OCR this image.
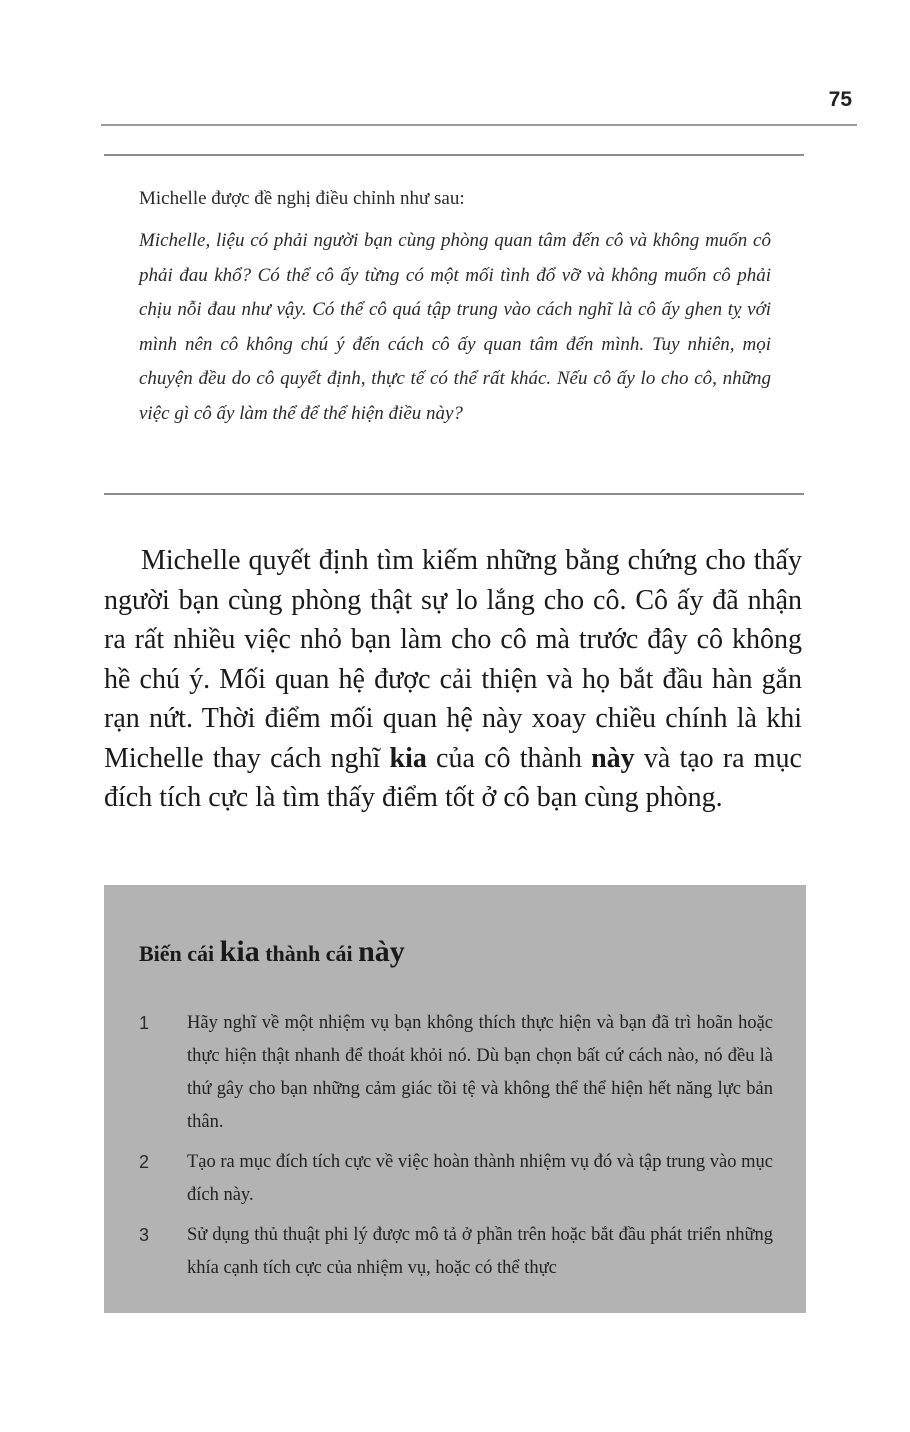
75

Michelle được đề nghị điều chỉnh như sau:

Michelle, liệu có phải người bạn cùng phòng quan tâm đến cô và không muốn cô phải đau khổ? Có thể cô ấy từng có một mối tình đổ vỡ và không muốn cô phải chịu nỗi đau như vậy. Có thể cô quá tập trung vào cách nghĩ là cô ấy ghen tỵ với mình nên cô không chú ý đến cách cô ấy quan tâm đến mình. Tuy nhiên, mọi chuyện đều do cô quyết định, thực tế có thể rất khác. Nếu cô ấy lo cho cô, những việc gì cô ấy làm thể để thể hiện điều này?

Michelle quyết định tìm kiếm những bằng chứng cho thấy người bạn cùng phòng thật sự lo lắng cho cô. Cô ấy đã nhận ra rất nhiều việc nhỏ bạn làm cho cô mà trước đây cô không hề chú ý. Mối quan hệ được cải thiện và họ bắt đầu hàn gắn rạn nứt. Thời điểm mối quan hệ này xoay chiều chính là khi Michelle thay cách nghĩ kia của cô thành này và tạo ra mục đích tích cực là tìm thấy điểm tốt ở cô bạn cùng phòng.

Biến cái kia thành cái này
1	Hãy nghĩ về một nhiệm vụ bạn không thích thực hiện và bạn đã trì hoãn hoặc thực hiện thật nhanh để thoát khỏi nó. Dù bạn chọn bất cứ cách nào, nó đều là thứ gây cho bạn những cảm giác tồi tệ và không thể thể hiện hết năng lực bản thân.
2	Tạo ra mục đích tích cực về việc hoàn thành nhiệm vụ đó và tập trung vào mục đích này.
3	Sử dụng thủ thuật phi lý được mô tả ở phần trên hoặc bắt đầu phát triển những khía cạnh tích cực của nhiệm vụ, hoặc có thể thực
